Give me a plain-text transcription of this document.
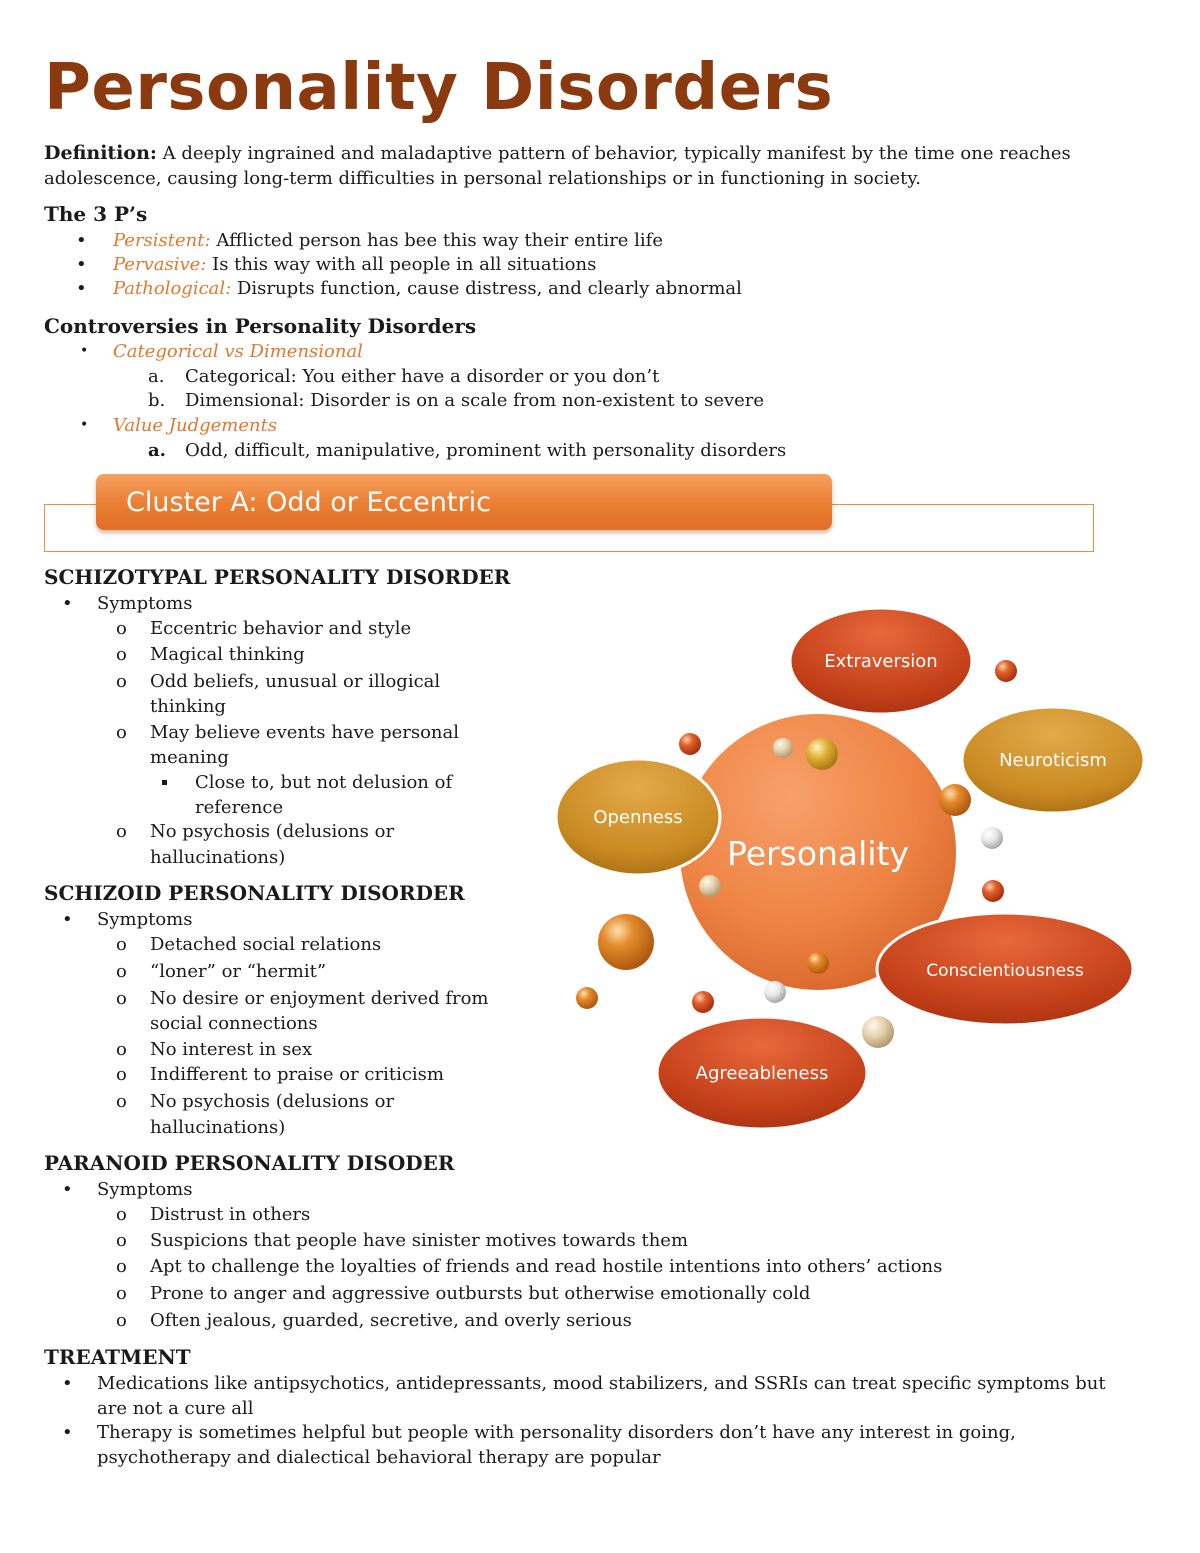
Personality Disorders
Definition: A deeply ingrained and maladaptive pattern of behavior, typically manifest by the time one reaches
adolescence, causing long-term difficulties in personal relationships or in functioning in society.
The 3 P’s
• Persistent: Afflicted person has bee this way their entire life
• Pervasive: Is this way with all people in all situations
• Pathological: Disrupts function, cause distress, and clearly abnormal
Controversies in Personality Disorders
• Categorical vs Dimensional
a. Categorical: You either have a disorder or you don’t
b. Dimensional: Disorder is on a scale from non-existent to severe
• Value Judgements
a. Odd, difficult, manipulative, prominent with personality disorders
Cluster A: Odd or Eccentric
SCHIZOTYPAL PERSONALITY DISORDER
• Symptoms
o Eccentric behavior and style
o Magical thinking
o Odd beliefs, unusual or illogical
thinking
o May believe events have personal
meaning
Close to, but not delusion of
reference
o No psychosis (delusions or
hallucinations)
SCHIZOID PERSONALITY DISORDER
• Symptoms
o Detached social relations
o “loner” or “hermit”
o No desire or enjoyment derived from
social connections
o No interest in sex
o Indifferent to praise or criticism
o No psychosis (delusions or
hallucinations)
PARANOID PERSONALITY DISODER
• Symptoms
o Distrust in others
o Suspicions that people have sinister motives towards them
o Apt to challenge the loyalties of friends and read hostile intentions into others’ actions
o Prone to anger and aggressive outbursts but otherwise emotionally cold
o Often jealous, guarded, secretive, and overly serious
TREATMENT
• Medications like antipsychotics, antidepressants, mood stabilizers, and SSRIs can treat specific symptoms but
are not a cure all
• Therapy is sometimes helpful but people with personality disorders don’t have any interest in going,
psychotherapy and dialectical behavioral therapy are popular
Personality
Extraversion
Neuroticism
Openness
Conscientiousness
Agreeableness
